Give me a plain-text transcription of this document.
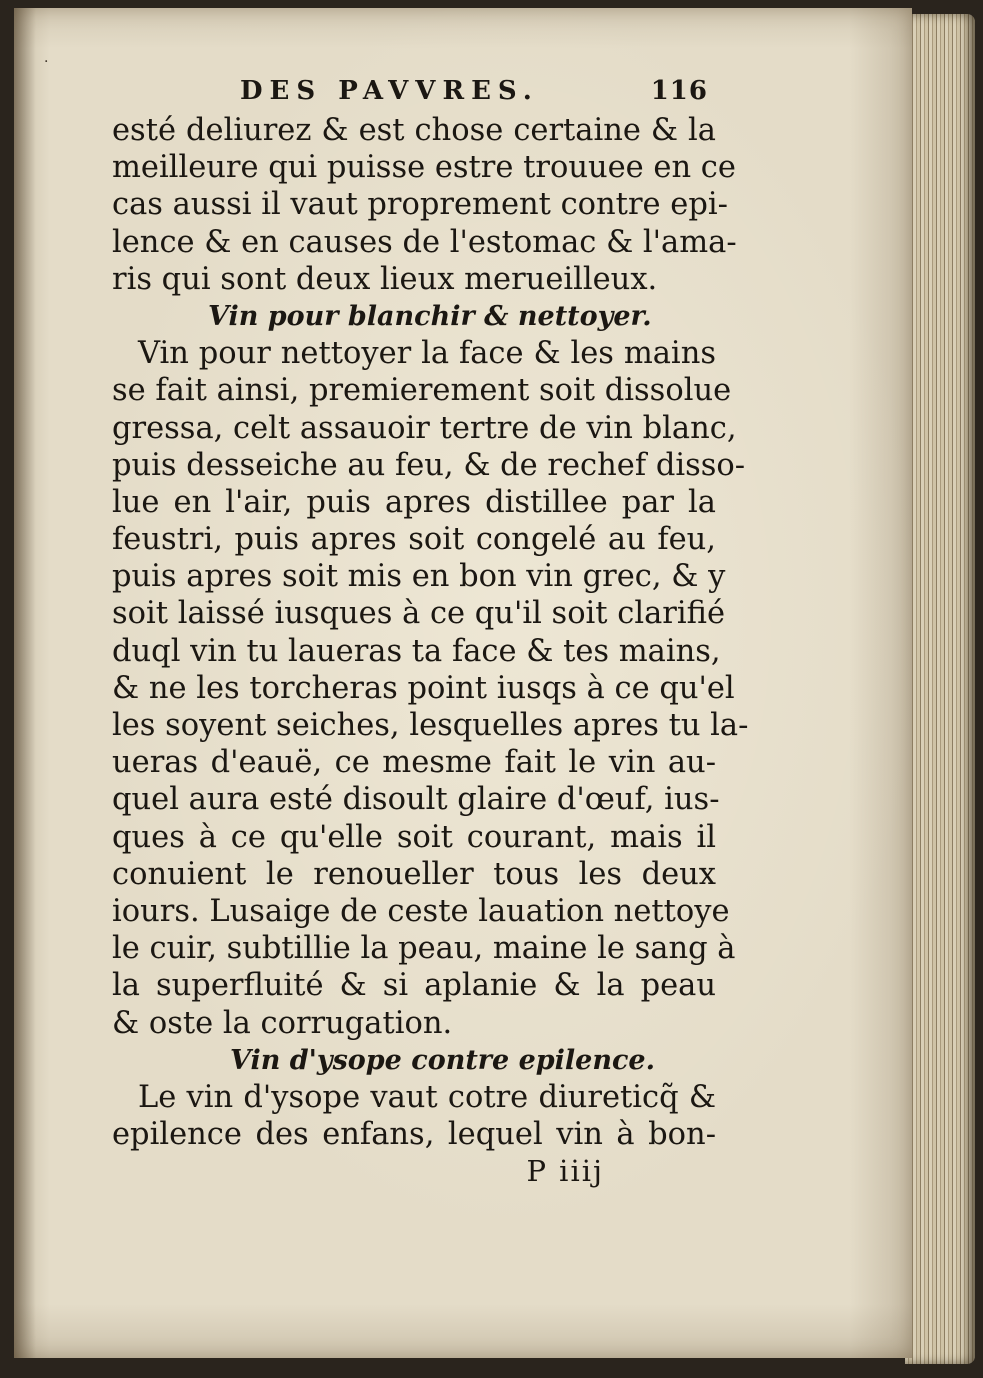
DES PAVVRES.	116
esté deliurez & est chose certaine & la
meilleure qui puisse estre trouuee en ce
cas aussi il vaut proprement contre epi-
lence & en causes de l'estomac & l'ama-
ris qui sont deux lieux merueilleux.
Vin pour blanchir & nettoyer.
Vin pour nettoyer la face & les mains
se fait ainsi, premierement soit dissolue
gressa, celt assauoir tertre de vin blanc,
puis desseiche au feu, & de rechef disso-
lue en l'air, puis apres distillee par la
feustri, puis apres soit congelé au feu,
puis apres soit mis en bon vin grec, & y
soit laissé iusques à ce qu'il soit clarifié
duql vin tu laueras ta face & tes mains,
& ne les torcheras point iusqs à ce qu'el
les soyent seiches, lesquelles apres tu la-
ueras d'eauë, ce mesme fait le vin au-
quel aura esté disoult glaire d'œuf, ius-
ques à ce qu'elle soit courant, mais il
conuient le renoueller tous les deux
iours. Lusaige de ceste lauation nettoye
le cuir, subtillie la peau, maine le sang à
la superfluité & si aplanie & la peau
& oste la corrugation.
Vin d'ysope contre epilence.
Le vin d'ysope vaut cotre diureticq̃ &
epilence des enfans, lequel vin à bon-
P iiij
